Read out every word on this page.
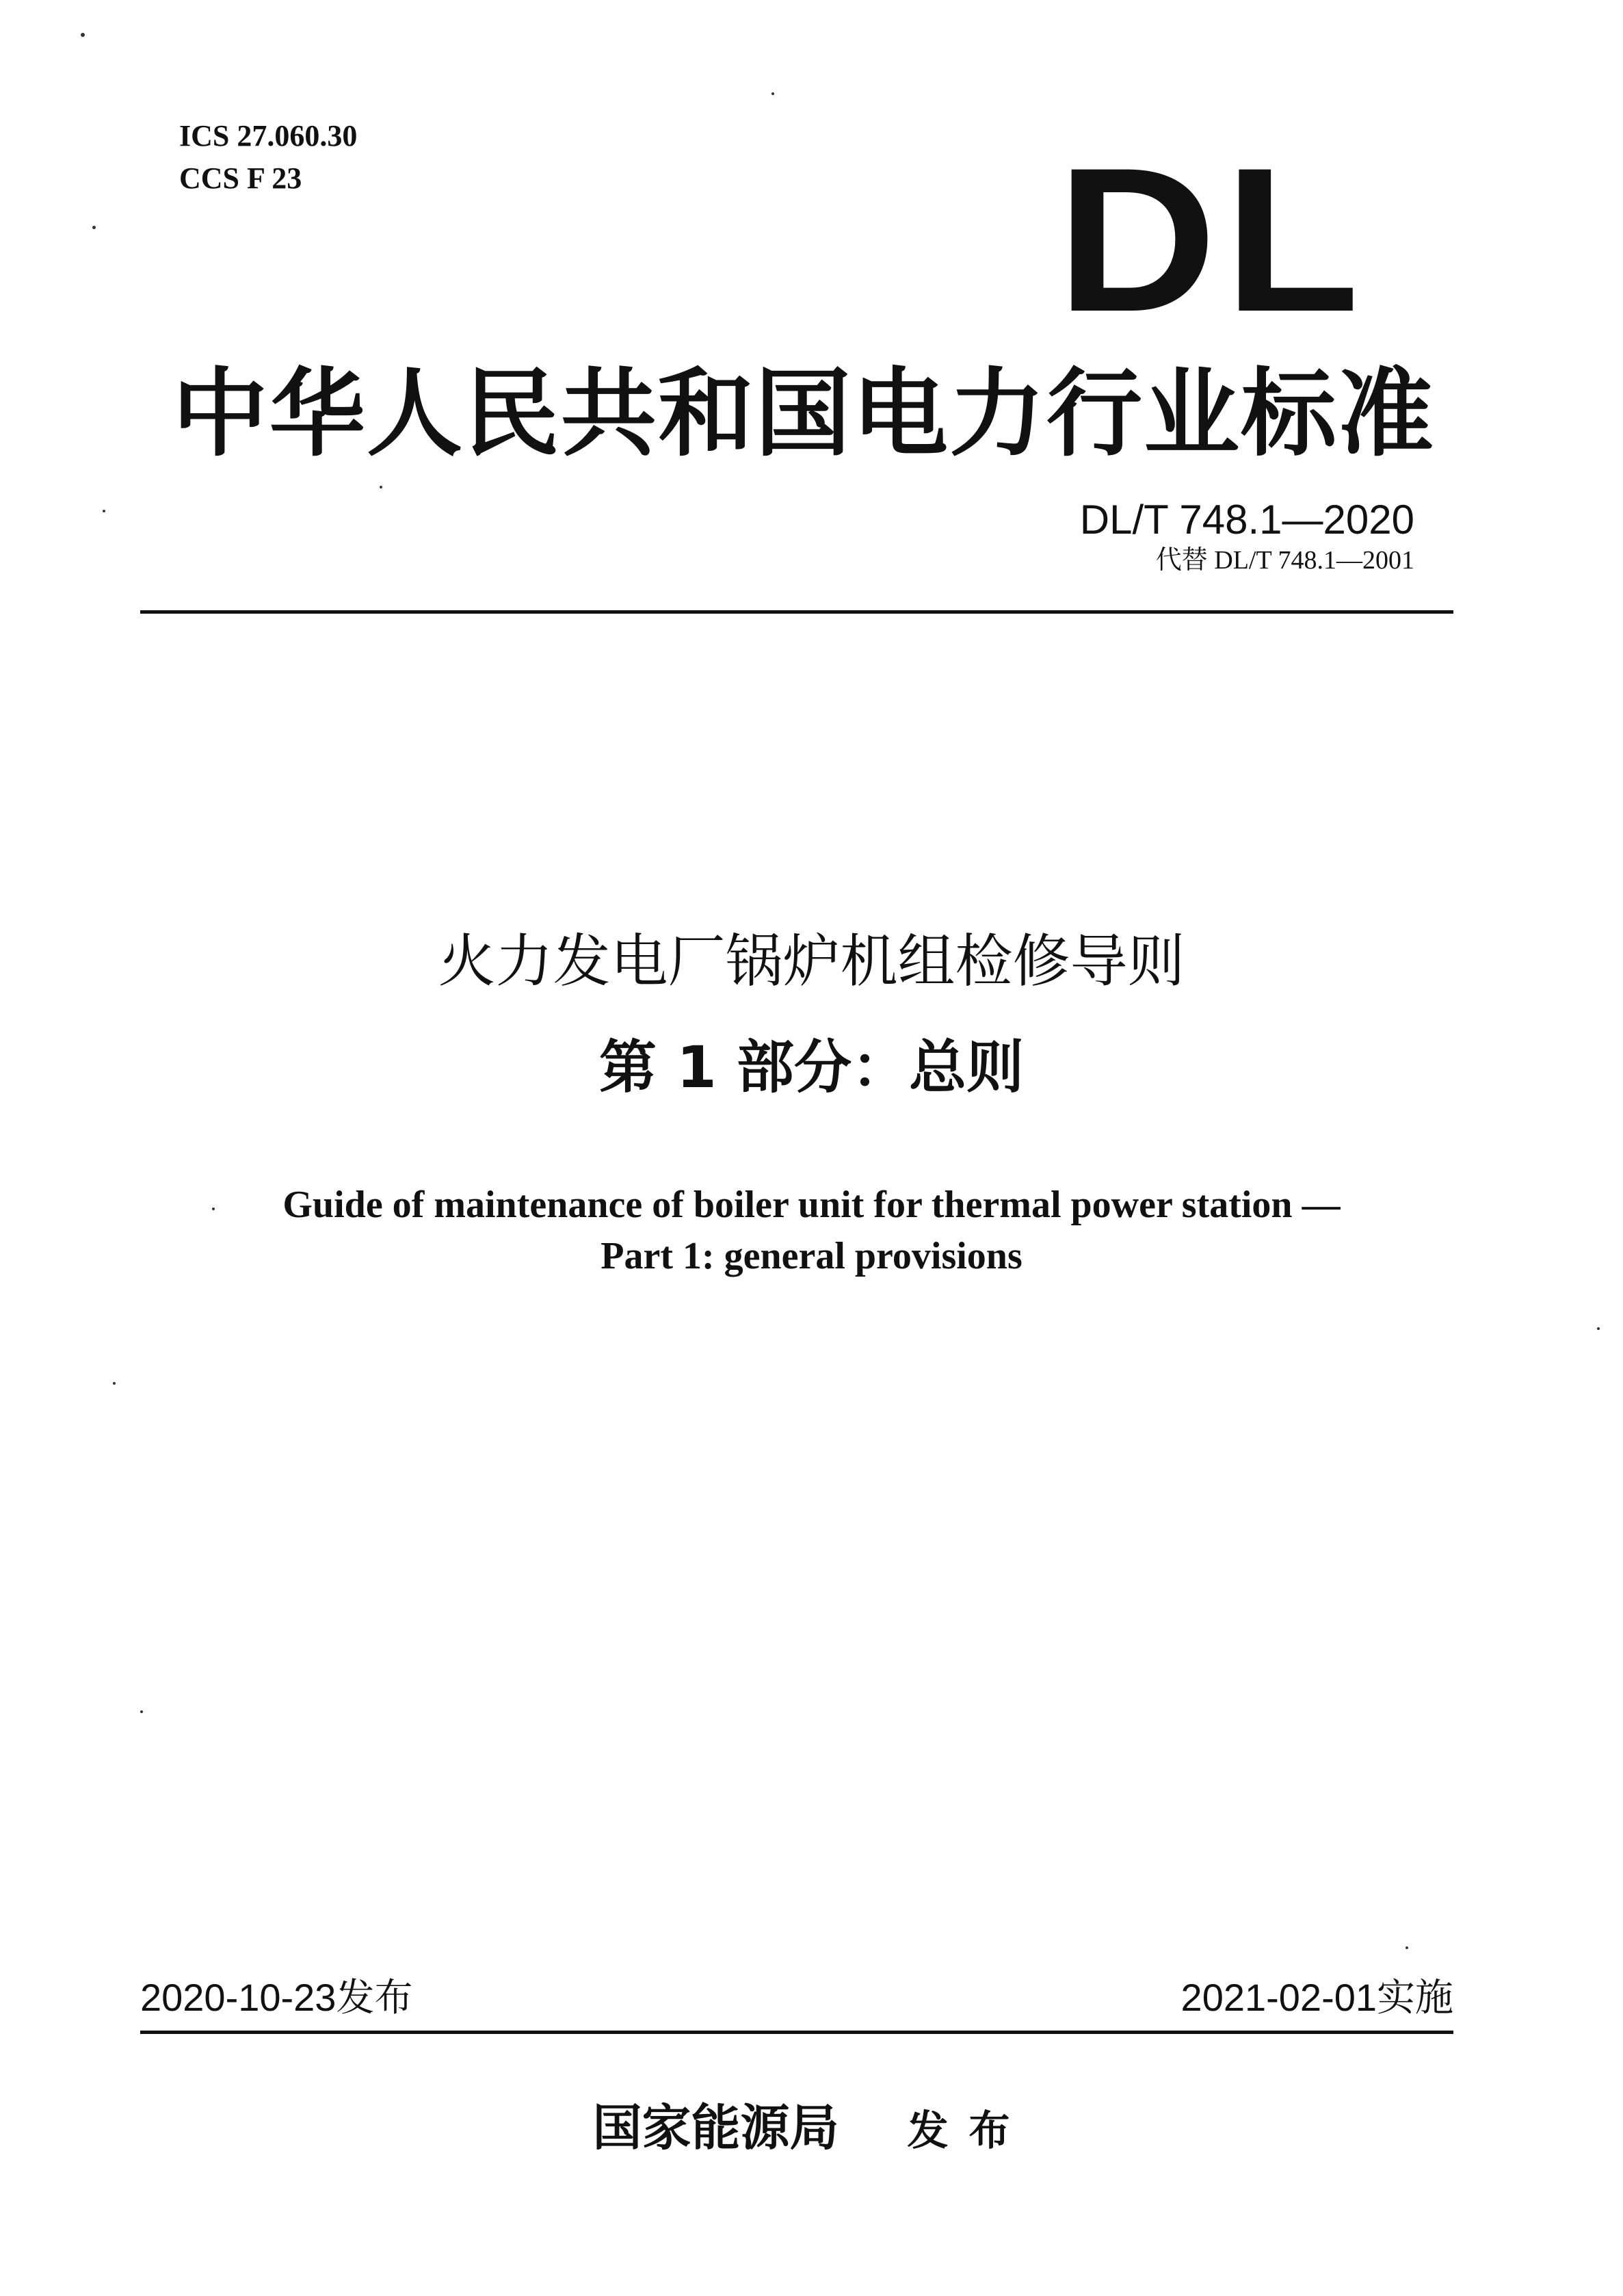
ICS 27.060.30
CCS F 23	DL
中华人民共和国电力行业标准
DL/T 748.1—2020
代替 DL/T 748.1—2001
火力发电厂锅炉机组检修导则
第 1 部分：总则
Guide of maintenance of boiler unit for thermal power station —
Part 1: general provisions
2020-10-23发布	2021-02-01实施
国家能源局 发布
